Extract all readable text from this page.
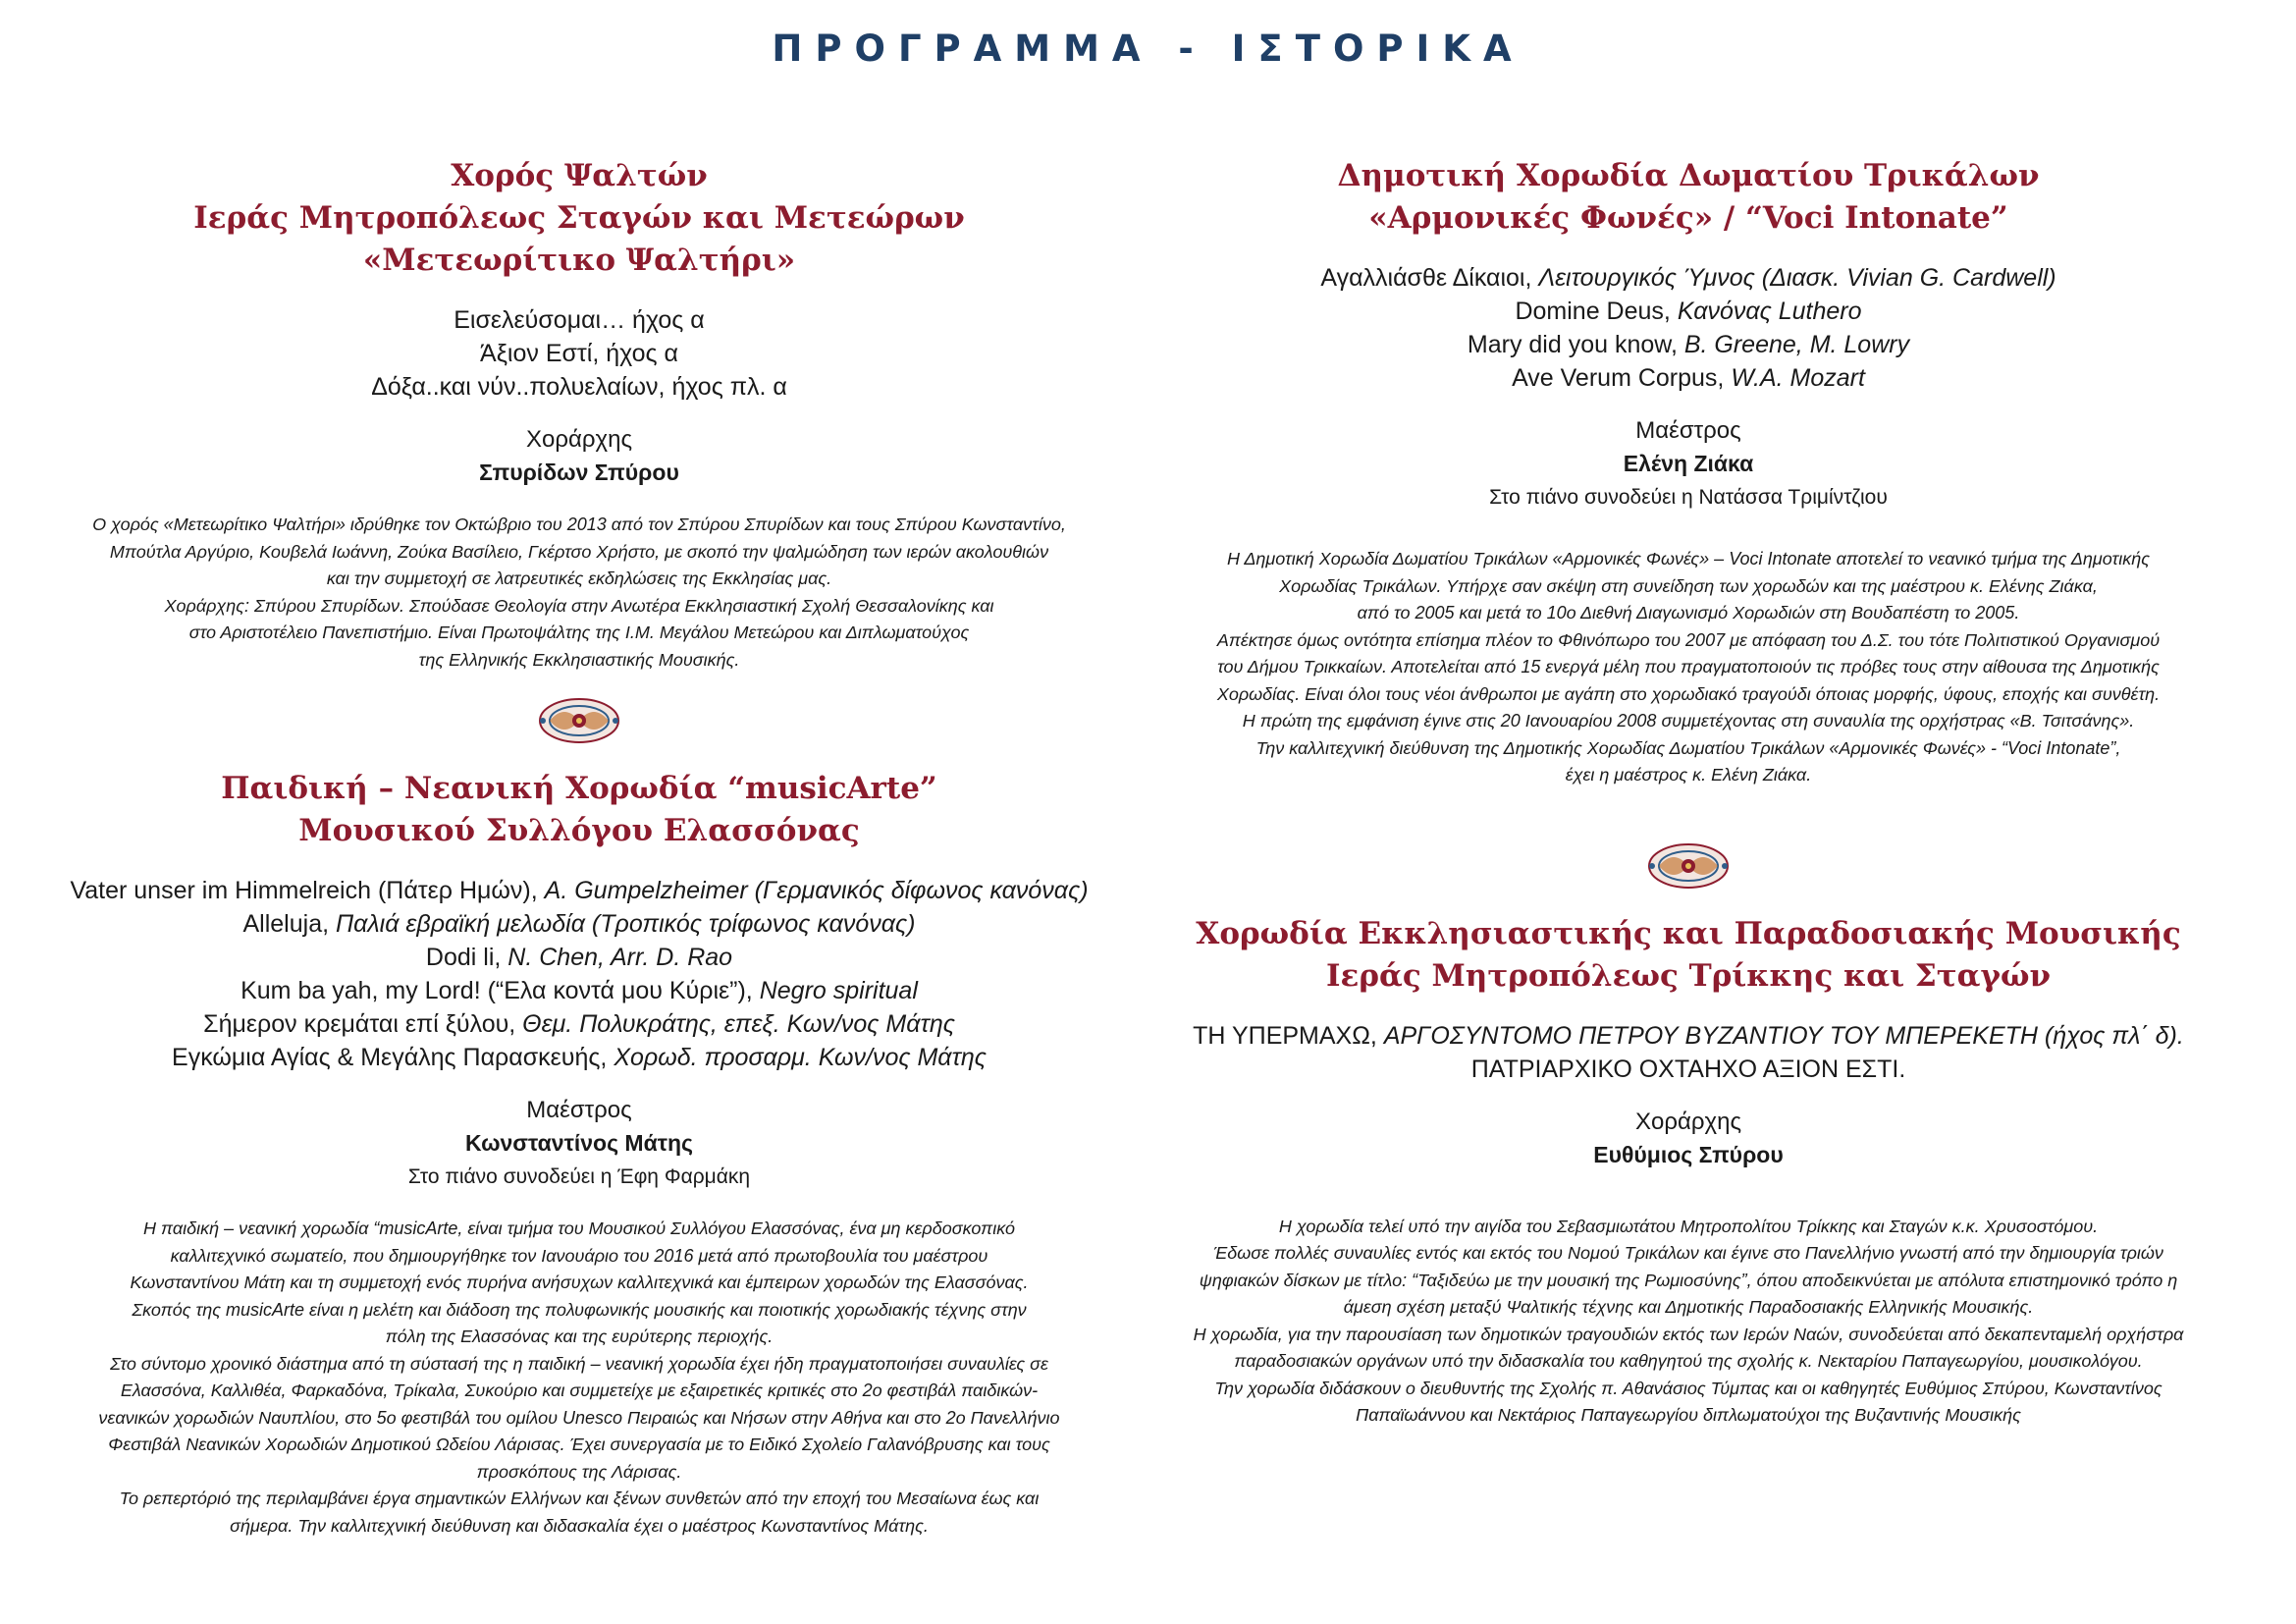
ΠΡΟΓΡΑΜΜΑ - ΙΣΤΟΡΙΚΑ
Χορός Ψαλτών
Ιεράς Μητροπόλεως Σταγών και Μετεώρων
«Μετεωρίτικο Ψαλτήρι»
Εισελεύσομαι… ήχος α
Άξιον Εστί, ήχος α
Δόξα..και νύν..πολυελαίων, ήχος πλ. α
Χοράρχης
Σπυρίδων Σπύρου

Ο χορός «Μετεωρίτικο Ψαλτήρι» ιδρύθηκε τον Οκτώβριο του 2013 από τον Σπύρου Σπυρίδων και τους Σπύρου Κωνσταντίνο,

Μπούτλα Αργύριο, Κουβελά Ιωάννη, Ζούκα Βασίλειο, Γκέρτσο Χρήστο, με σκοπό την ψαλμώδηση των ιερών ακολουθιών

και την συμμετοχή σε λατρευτικές εκδηλώσεις της Εκκλησίας μας.

Χοράρχης: Σπύρου Σπυρίδων. Σπούδασε Θεολογία στην Ανωτέρα Εκκλησιαστική Σχολή Θεσσαλονίκης και

στο Αριστοτέλειο Πανεπιστήμιο. Είναι Πρωτοψάλτης της Ι.Μ. Μεγάλου Μετεώρου και Διπλωματούχος

της Ελληνικής Εκκλησιαστικής Μουσικής.

Παιδική – Νεανική Χορωδία “musicArte”
Μουσικού Συλλόγου Ελασσόνας
Vater unser im Himmelreich (Πάτερ Ημών), A. Gumpelzheimer (Γερμανικός δίφωνος κανόνας)
Alleluja, Παλιά εβραϊκή μελωδία (Τροπικός τρίφωνος κανόνας)
Dodi li, N. Chen, Arr. D. Rao
Kum ba yah, my Lord! (“Ελα κοντά μου Κύριε”), Negro spiritual
Σήμερον κρεμάται επί ξύλου, Θεμ. Πολυκράτης, επεξ. Κων/νος Μάτης
Εγκώμια Αγίας & Μεγάλης Παρασκευής, Χορωδ. προσαρμ. Κων/νος Μάτης
Μαέστρος
Κωνσταντίνος Μάτης
Στο πιάνο συνοδεύει η Έφη Φαρμάκη

Η παιδική – νεανική χορωδία “musicArte, είναι τμήμα του Μουσικού Συλλόγου Ελασσόνας, ένα μη κερδοσκοπικό

καλλιτεχνικό σωματείο, που δημιουργήθηκε τον Ιανουάριο του 2016 μετά από πρωτοβουλία του μαέστρου

Κωνσταντίνου Μάτη και τη συμμετοχή ενός πυρήνα ανήσυχων καλλιτεχνικά και έμπειρων χορωδών της Ελασσόνας.

Σκοπός της musicArte είναι η μελέτη και διάδοση της πολυφωνικής μουσικής και ποιοτικής χορωδιακής τέχνης στην

πόλη της Ελασσόνας και της ευρύτερης περιοχής.

Στο σύντομο χρονικό διάστημα από τη σύστασή της η παιδική – νεανική χορωδία έχει ήδη πραγματοποιήσει συναυλίες σε

Ελασσόνα, Καλλιθέα, Φαρκαδόνα, Τρίκαλα, Συκούριο και συμμετείχε με εξαιρετικές κριτικές στο 2ο φεστιβάλ παιδικών-

νεανικών χορωδιών Ναυπλίου, στο 5ο φεστιβάλ του ομίλου Unesco Πειραιώς και Νήσων στην Αθήνα και στο 2ο Πανελλήνιο

Φεστιβάλ Νεανικών Χορωδιών Δημοτικού Ωδείου Λάρισας. Έχει συνεργασία με το Ειδικό Σχολείο Γαλανόβρυσης και τους

προσκόπους της Λάρισας.

Το ρεπερτόριό της περιλαμβάνει έργα σημαντικών Ελλήνων και ξένων συνθετών από την εποχή του Μεσαίωνα έως και

σήμερα. Την καλλιτεχνική διεύθυνση και διδασκαλία έχει ο μαέστρος Κωνσταντίνος Μάτης.

Δημοτική Χορωδία Δωματίου Τρικάλων
«Αρμονικές Φωνές» / “Voci Intonate”
Αγαλλιάσθε Δίκαιοι, Λειτουργικός Ύμνος (Διασκ. Vivian G. Cardwell)
Domine Deus, Κανόνας Luthero
Mary did you know, B. Greene, M. Lowry
Ave Verum Corpus, W.A. Mozart
Μαέστρος
Ελένη Ζιάκα
Στο πιάνο συνοδεύει η Νατάσσα Τριμίντζιου

Η Δημοτική Χορωδία Δωματίου Τρικάλων «Αρμονικές Φωνές» – Voci Intonate αποτελεί το νεανικό τμήμα της Δημοτικής

Χορωδίας Τρικάλων. Υπήρχε σαν σκέψη στη συνείδηση των χορωδών και της μαέστρου κ. Ελένης Ζιάκα,

από το 2005 και μετά το 10ο Διεθνή Διαγωνισμό Χορωδιών στη Βουδαπέστη το 2005.

Απέκτησε όμως οντότητα επίσημα πλέον το Φθινόπωρο του 2007 με απόφαση του Δ.Σ. του τότε Πολιτιστικού Οργανισμού

του Δήμου Τρικκαίων. Αποτελείται από 15 ενεργά μέλη που πραγματοποιούν τις πρόβες τους στην αίθουσα της Δημοτικής

Χορωδίας. Είναι όλοι τους νέοι άνθρωποι με αγάπη στο χορωδιακό τραγούδι όποιας μορφής, ύφους, εποχής και συνθέτη.

Η πρώτη της εμφάνιση έγινε στις 20 Ιανουαρίου 2008 συμμετέχοντας στη συναυλία της ορχήστρας «Β. Τσιτσάνης».

Την καλλιτεχνική διεύθυνση της Δημοτικής Χορωδίας Δωματίου Τρικάλων «Αρμονικές Φωνές» - “Voci Intonate”,

έχει η μαέστρος κ. Ελένη Ζιάκα.

Χορωδία Εκκλησιαστικής και Παραδοσιακής Μουσικής
Ιεράς Μητροπόλεως Τρίκκης και Σταγών
ΤΗ ΥΠΕΡΜΑΧΩ, ΑΡΓΟΣΥΝΤΟΜΟ ΠΕΤΡΟΥ ΒΥΖΑΝΤΙΟΥ ΤΟΥ ΜΠΕΡΕΚΕΤΗ (ήχος πλ΄ δ).
ΠΑΤΡΙΑΡΧΙΚΟ ΟΧΤΑΗΧΟ ΑΞΙΟΝ ΕΣΤΙ.
Χοράρχης
Ευθύμιος Σπύρου

Η χορωδία τελεί υπό την αιγίδα του Σεβασμιωτάτου Μητροπολίτου Τρίκκης και Σταγών κ.κ. Χρυσοστόμου.

Έδωσε πολλές συναυλίες εντός και εκτός του Νομού Τρικάλων και έγινε στο Πανελλήνιο γνωστή από την δημιουργία τριών

ψηφιακών δίσκων με τίτλο: “Ταξιδεύω με την μουσική της Ρωμιοσύνης”, όπου αποδεικνύεται με απόλυτα επιστημονικό τρόπο η

άμεση σχέση μεταξύ Ψαλτικής τέχνης και Δημοτικής Παραδοσιακής Ελληνικής Μουσικής.

Η χορωδία, για την παρουσίαση των δημοτικών τραγουδιών εκτός των Ιερών Ναών, συνοδεύεται από δεκαπενταμελή ορχήστρα

παραδοσιακών οργάνων υπό την διδασκαλία του καθηγητού της σχολής κ. Νεκταρίου Παπαγεωργίου, μουσικολόγου.

Την χορωδία διδάσκουν ο διευθυντής της Σχολής π. Αθανάσιος Τύμπας και οι καθηγητές Ευθύμιος Σπύρου, Κωνσταντίνος

Παπαϊωάννου και Νεκτάριος Παπαγεωργίου διπλωματούχοι της Βυζαντινής Μουσικής
